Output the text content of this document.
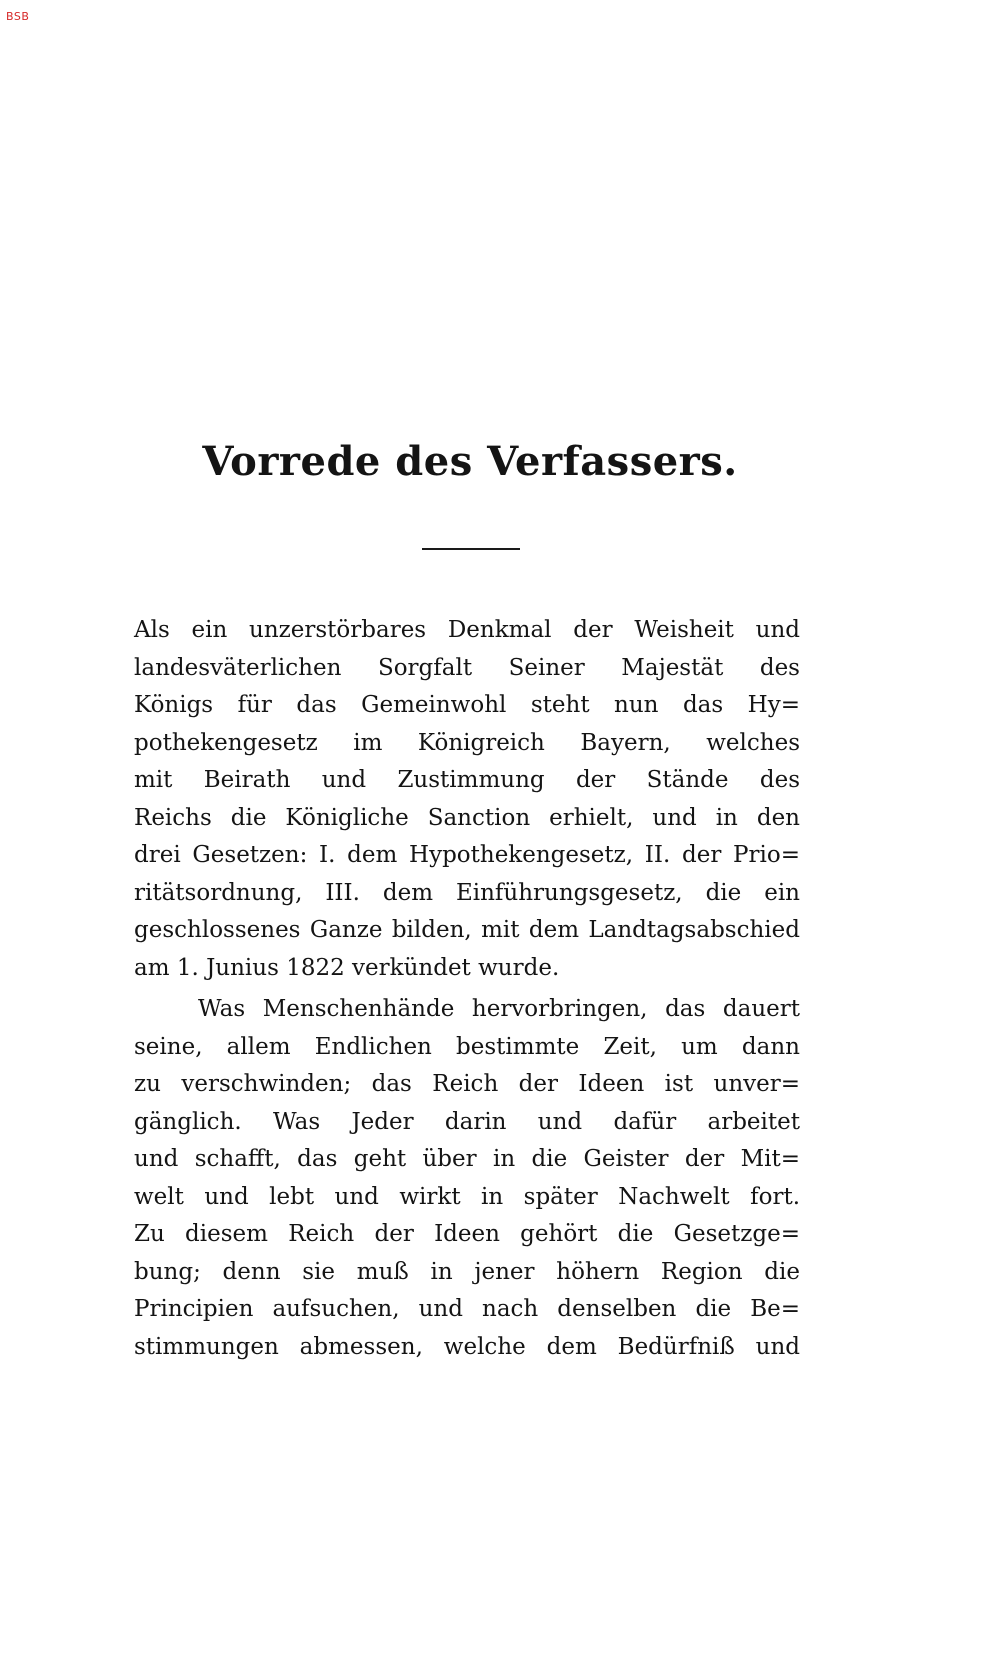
BSB
Vorrede des Verfassers.
Als ein unzerstörbares Denkmal der Weisheit und
landesväterlichen Sorgfalt Seiner Majestät des
Königs für das Gemeinwohl steht nun das Hy=
pothekengesetz im Königreich Bayern, welches
mit Beirath und Zustimmung der Stände des
Reichs die Königliche Sanction erhielt, und in den
drei Gesetzen: I. dem Hypothekengesetz, II. der Prio=
ritätsordnung, III. dem Einführungsgesetz, die ein
geschlossenes Ganze bilden, mit dem Landtagsabschied
am 1. Junius 1822 verkündet wurde.
Was Menschenhände hervorbringen, das dauert
seine, allem Endlichen bestimmte Zeit, um dann
zu verschwinden; das Reich der Ideen ist unver=
gänglich. Was Jeder darin und dafür arbeitet
und schafft, das geht über in die Geister der Mit=
welt und lebt und wirkt in später Nachwelt fort.
Zu diesem Reich der Ideen gehört die Gesetzge=
bung; denn sie muß in jener höhern Region die
Principien aufsuchen, und nach denselben die Be=
stimmungen abmessen, welche dem Bedürfniß und
